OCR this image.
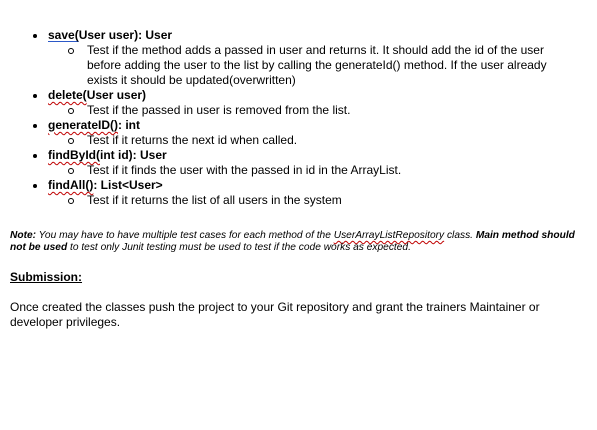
save(User user): User
Test if the method adds a passed in user and returns it. It should add the id of the user before adding the user to the list by calling the generateId() method. If the user already exists it should be updated(overwritten)
delete(User user)
Test if the passed in user is removed from the list.
generateID(): int
Test if it returns the next id when called.
findById(int id): User
Test if it finds the user with the passed in id in the ArrayList.
findAll(): List<User>
Test if it returns the list of all users in the system
Note: You may have to have multiple test cases for each method of the UserArrayListRepository class. Main method should not be used to test only Junit testing must be used to test if the code works as expected.
Submission:
Once created the classes push the project to your Git repository and grant the trainers Maintainer or developer privileges.
